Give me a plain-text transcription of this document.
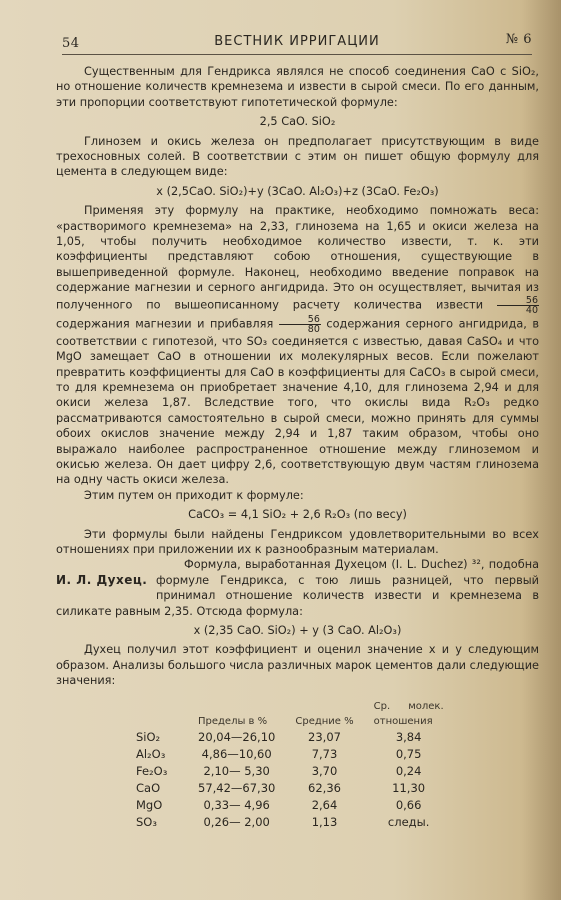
54	ВЕСТНИК ИРРИГАЦИИ	№ 6

Существенным для Гендрикса являлся не способ соединения CaO с SiO₂, но отношение количеств кремнезема и извести в сырой смеси. По его данным, эти пропорции соответствуют гипотетической формуле:

2,5 CaO. SiO₂

Глинозем и окись железа он предполагает присутствующим в виде трехосновных солей. В соответствии с этим он пишет общую формулу для цемента в следующем виде:

x (2,5CaO. SiO₂)+y (3CaO. Al₂O₃)+z (3CaO. Fe₂O₃)

Применяя эту формулу на практике, необходимо помножать веса: «растворимого кремнезема» на 2,33, глинозема на 1,65 и окиси железа на 1,05, чтобы получить необходимое количество извести, т. к. эти коэффициенты представляют собою отношения, существующие в вышеприведенной формуле. Наконец, необходимо введение поправок на содержание магнезии и серного ангидрида. Это он осуществляет, вычитая из полученного по вышеописанному расчету количества извести $\frac{56}{40}$
содержания магнезии и прибавляя $\frac{56}{80}$ содержания серного ангидрида, в соответствии с гипотезой, что SO₃ соединяется с известью, давая CaSO₄ и что MgO замещает CaO в отношении их молекулярных весов. Если пожелают превратить коэффициенты для CaO в коэффициенты для CaCO₃ в сырой смеси, то для кремнезема он приобретает значение 4,10, для глинозема 2,94 и для окиси железа 1,87. Вследствие того, что окислы вида R₂O₃ редко рассматриваются самостоятельно в сырой смеси, можно принять для суммы обоих окислов значение между 2,94 и 1,87 таким образом, чтобы оно выражало наиболее распространенное отношение между глиноземом и окисью железа. Он дает цифру 2,6, соответствующую двум частям глинозема на одну часть окиси железа.

Этим путем он приходит к формуле:

CaCO₃ = 4,1 SiO₂ + 2,6 R₂O₃ (по весу)

Эти формулы были найдены Гендриксом удовлетворительными во всех отношениях при приложении их к разнообразным материалам.

И. Л. Духец.

Формула, выработанная Духецом (I. L. Duchez) ³², подобна формуле Гендрикса, с тою лишь разницей, что первый принимал отношение количеств извести и кремнезема в силикате равным 2,35. Отсюда формула:

x (2,35 CaO. SiO₂) + y (3 CaO. Al₂O₃)

Духец получил этот коэффициент и оценил значение x и y следующим образом. Анализы большого числа различных марок цементов дали следующие значения:

	Пределы в %	Средние %	Ср. молек. отношения
SiO₂	20,04—26,10	23,07	3,84
Al₂O₃	4,86—10,60	7,73	0,75
Fe₂O₃	2,10— 5,30	3,70	0,24
CaO	57,42—67,30	62,36	11,30
MgO	0,33— 4,96	2,64	0,66
SO₃	0,26— 2,00	1,13	следы.
